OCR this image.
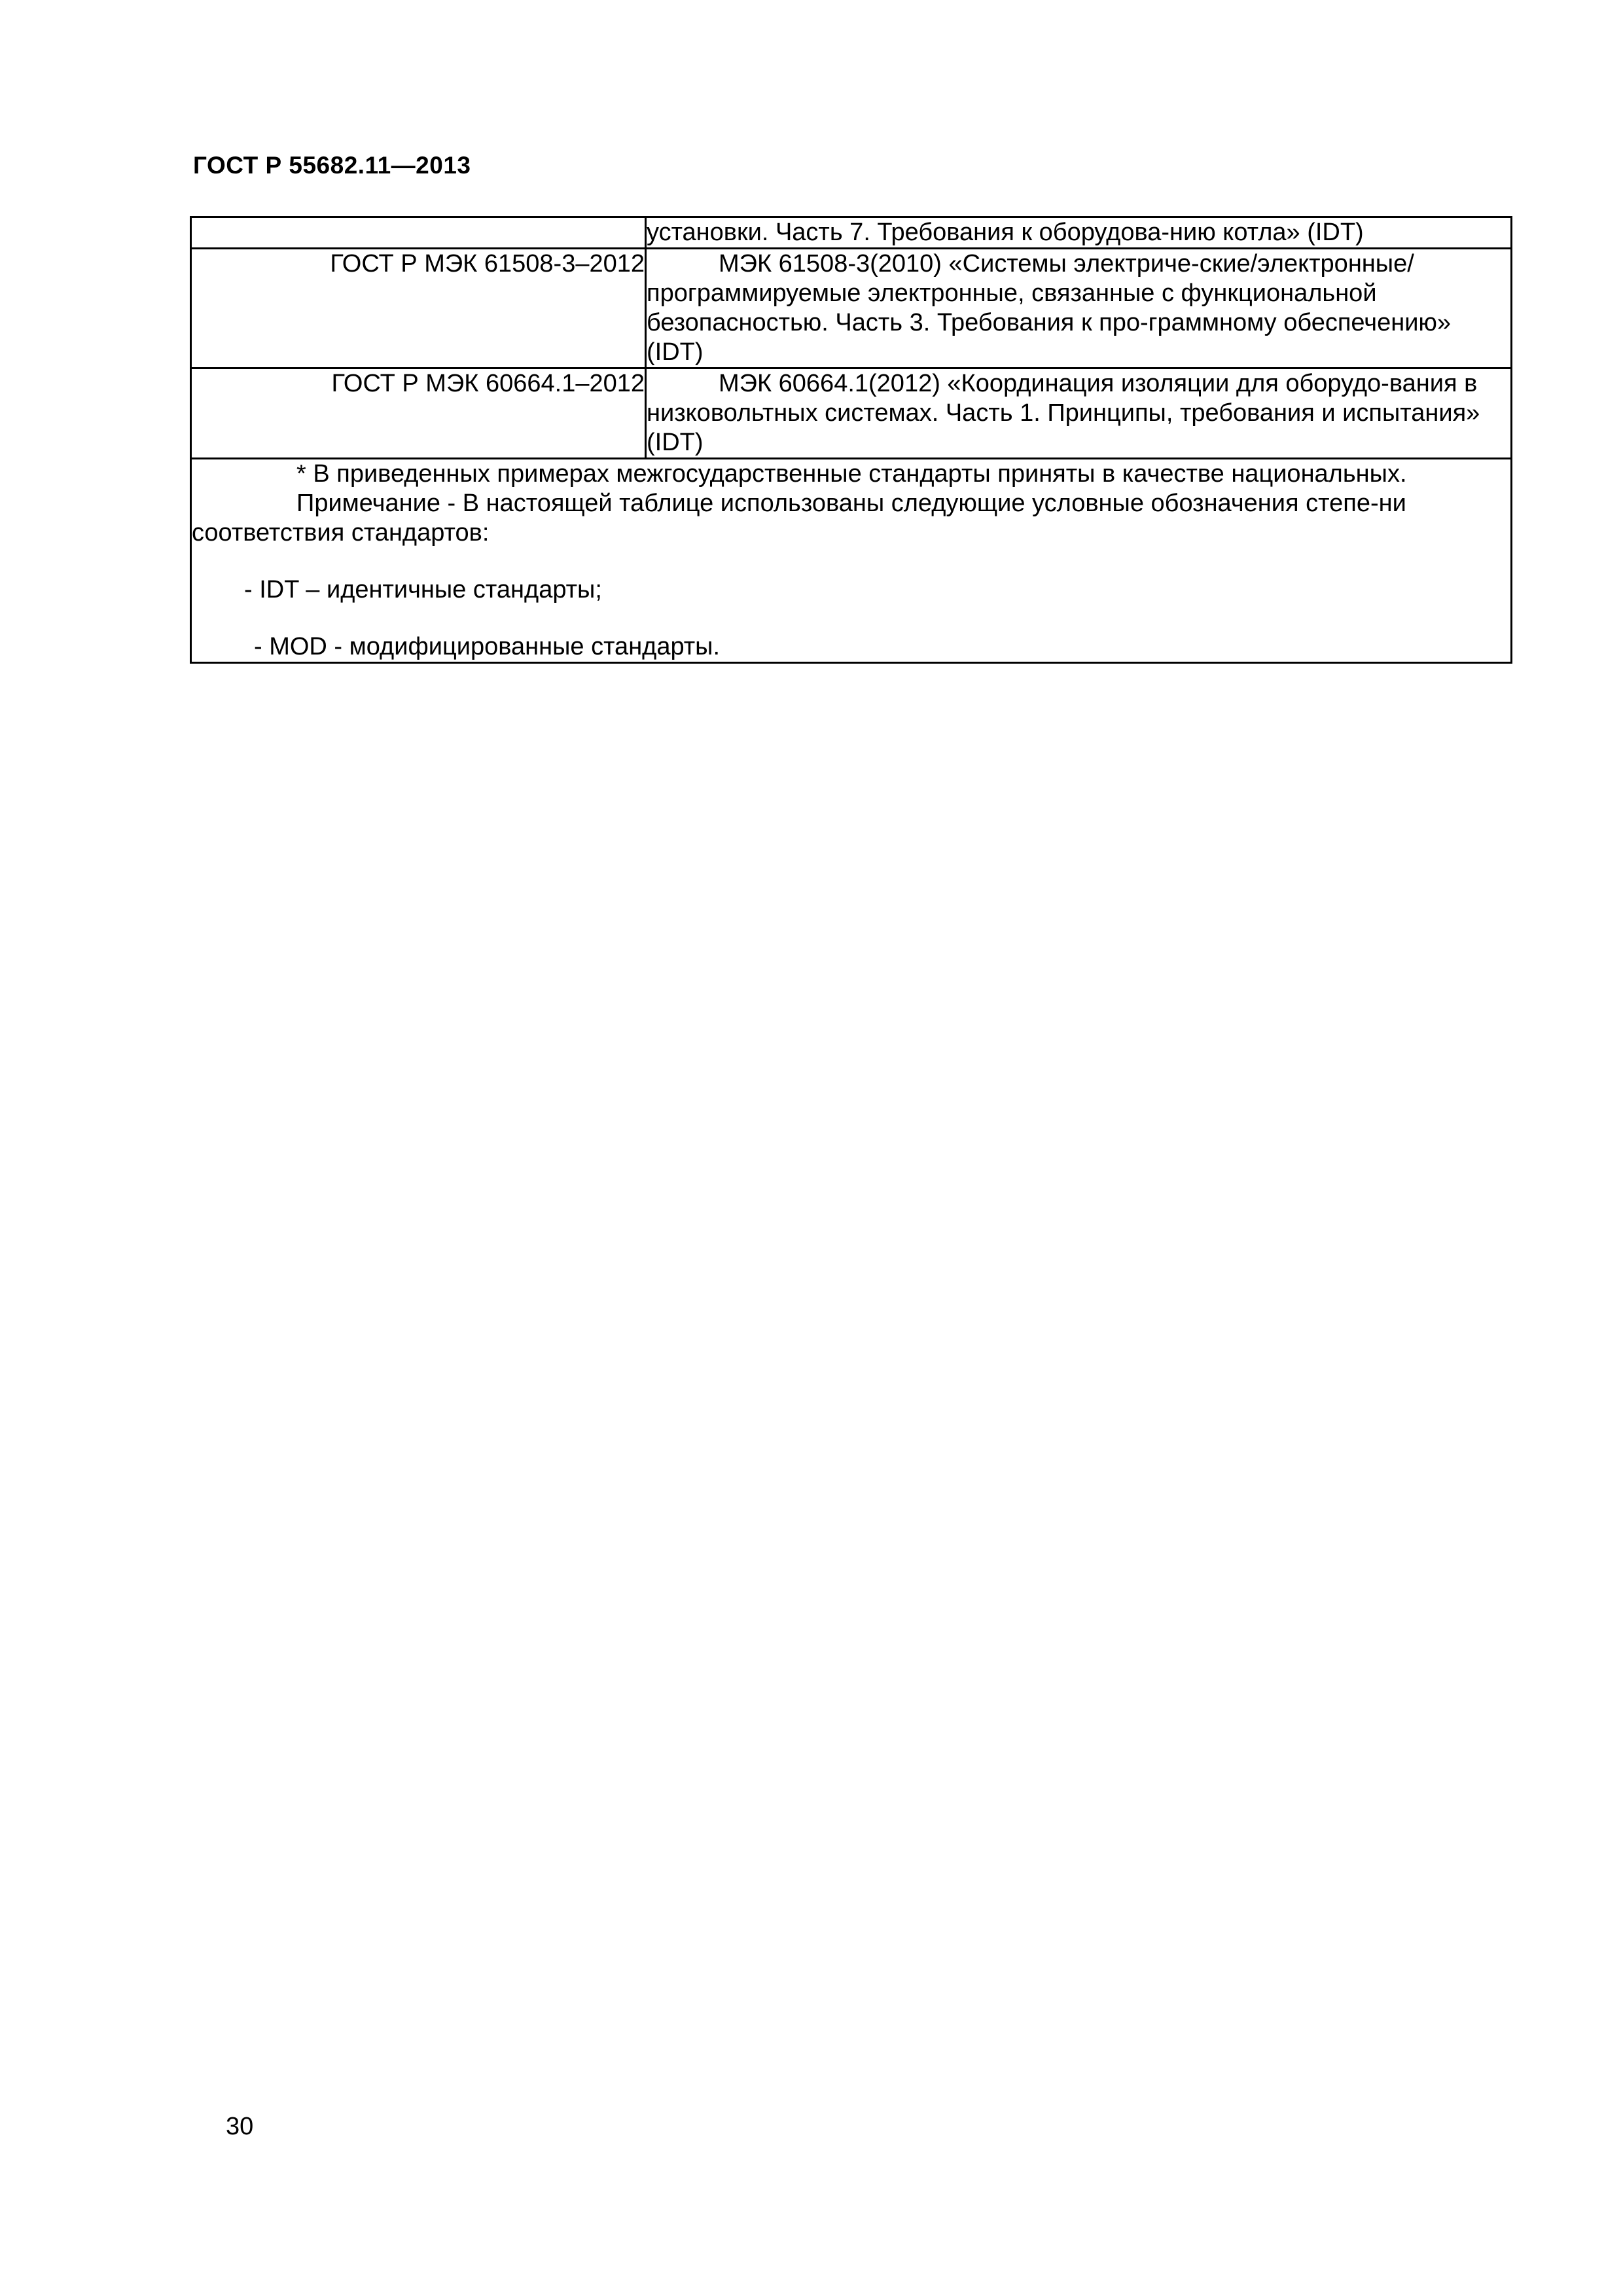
ГОСТ Р 55682.11—2013
	установки. Часть 7. Требования к оборудова-нию котла» (IDT)
ГОСТ Р МЭК 61508-3–2012	МЭК 61508-3(2010) «Системы электриче-ские/электронные/программируемые электронные, связанные с функциональной безопасностью. Часть 3. Требования к про-граммному обеспечению» (IDT)

ГОСТ Р МЭК 60664.1–2012	МЭК 60664.1(2012) «Координация изоляции для оборудо-вания в низковольтных системах. Часть 1. Принципы, требования и испытания» (IDT)

* В приведенных примерах межгосударственные стандарты приняты в качестве национальных.
Примечание - В настоящей таблице использованы следующие условные обозначения степе-ни соответствия стандартов:
- IDT – идентичные стандарты;
- MOD - модифицированные стандарты.	
30
